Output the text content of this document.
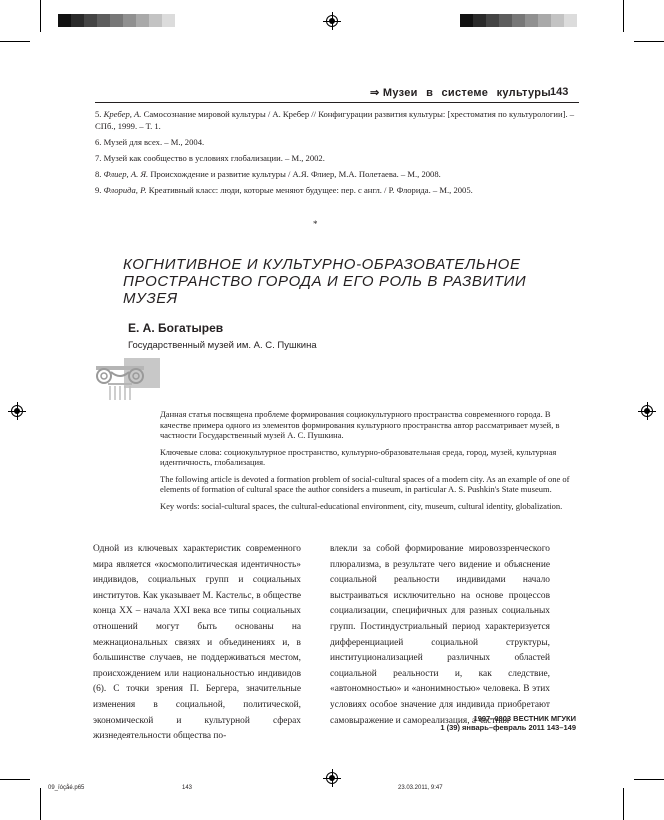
⇒ Музеи в системе культуры 143

5. Кребер, А. Самосознание мировой культуры / А. Кребер // Конфигурации развития культуры: [хрестоматия по культурологии]. – СПб., 1999. – Т. 1.

6. Музей для всех. – М., 2004.

7. Музей как сообщество в условиях глобализации. – М., 2002.

8. Флиер, А. Я. Происхождение и развитие культуры / А.Я. Флиер, М.А. Полетаева. – М., 2008.

9. Флорида, Р. Креативный класс: люди, которые меняют будущее: пер. с англ. / Р. Флорида. – М., 2005.

*
КОГНИТИВНОЕ И КУЛЬТУРНО-ОБРАЗОВАТЕЛЬНОЕ ПРОСТРАНСТВО ГОРОДА И ЕГО РОЛЬ В РАЗВИТИИ МУЗЕЯ
Е. А. Богатырев
Государственный музей им. А. С. Пушкина

Данная статья посвящена проблеме формирования социокультурного пространства современного города. В качестве примера одного из элементов формирования культурного пространства автор рассматривает музей, в частности Государственный музей А. С. Пушкина.

Ключевые слова: социокультурное пространство, культурно-образовательная среда, город, музей, культурная идентичность, глобализация.

The following article is devoted a formation problem of social-cultural spaces of a modern city. As an example of one of elements of formation of cultural space the author considers a museum, in particular A. S. Pushkin's State museum.

Key words: social-cultural spaces, the cultural-educational environment, city, museum, cultural identity, globalization.

Одной из ключевых характеристик современного мира является «космополитическая идентичность» индивидов, социальных групп и социальных институтов. Как указывает М. Кастельс, в обществе конца XX – начала XXI века все типы социальных отношений могут быть основаны на межнациональных связях и объединениях и, в большинстве случаев, не поддерживаться местом, происхождением или национальностью индивидов (6). С точки зрения П. Бергера, значительные изменения в социальной, политической, экономической и культурной сферах жизнедеятельности общества по-
влекли за собой формирование мировоззренческого плюрализма, в результате чего видение и объяснение социальной реальности индивидами начало выстраиваться исключительно на основе процессов социализации, специфичных для разных социальных групп. Постиндустриальный период характеризуется дифференциацией социальной структуры, институционализацией различных областей социальной реальности и, как следствие, «автономностью» и «анонимностью» человека. В этих условиях особое значение для индивида приобретают самовыражение и самореализация, а частная
1997–0803 ВЕСТНИК МГУКИ
1 (39) январь–февраль 2011 143–149
09_ïóçåé.p65	143	23.03.2011, 9:47
